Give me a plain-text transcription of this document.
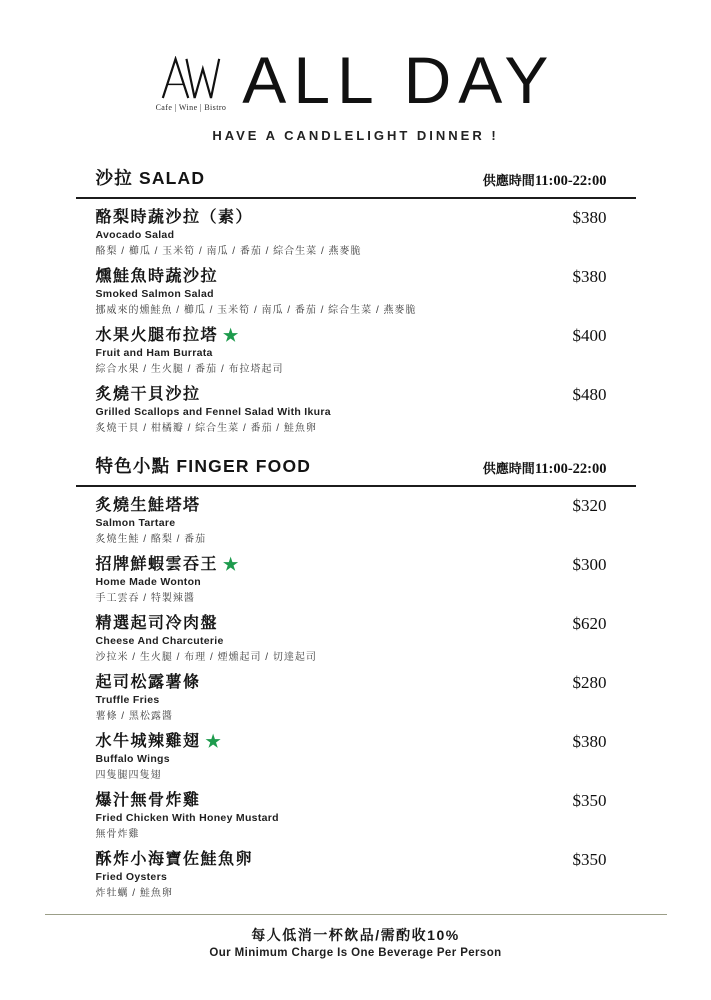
Cafe | Wine | Bistro ALL DAY
HAVE A CANDLELIGHT DINNER !
沙拉 SALAD	供應時間 11:00-22:00
酪梨時蔬沙拉（素）
Avocado Salad
酪梨 / 櫛瓜 / 玉米筍 / 南瓜 / 番茄 / 綜合生菜 / 燕麥脆
$380
燻鮭魚時蔬沙拉
Smoked Salmon Salad
挪威來的燻鮭魚 / 櫛瓜 / 玉米筍 / 南瓜 / 番茄 / 綜合生菜 / 燕麥脆
$380
水果火腿布拉塔 ★
Fruit and Ham Burrata
綜合水果 / 生火腿 / 番茄 / 布拉塔起司
$400
炙燒干貝沙拉
Grilled Scallops and Fennel Salad With Ikura
炙燒干貝 / 柑橘瓣 / 綜合生菜 / 番茄 / 鮭魚卵
$480
特色小點 FINGER FOOD	供應時間 11:00-22:00
炙燒生鮭塔塔
Salmon Tartare
炙燒生鮭 / 酪梨 / 番茄
$320
招牌鮮蝦雲吞王 ★
Home Made Wonton
手工雲吞 / 特製辣醬
$300
精選起司冷肉盤
Cheese And Charcuterie
沙拉米 / 生火腿 / 布理 / 煙燻起司 / 切達起司
$620
起司松露薯條
Truffle Fries
薯條 / 黑松露醬
$280
水牛城辣雞翅 ★
Buffalo Wings
四隻腿四隻翅
$380
爆汁無骨炸雞
Fried Chicken With Honey Mustard
無骨炸雞
$350
酥炸小海寶佐鮭魚卵
Fried Oysters
炸牡蠣 / 鮭魚卵
$350
每人低消一杯飲品/需酌收10%
Our Minimum Charge Is One Beverage Per Person
